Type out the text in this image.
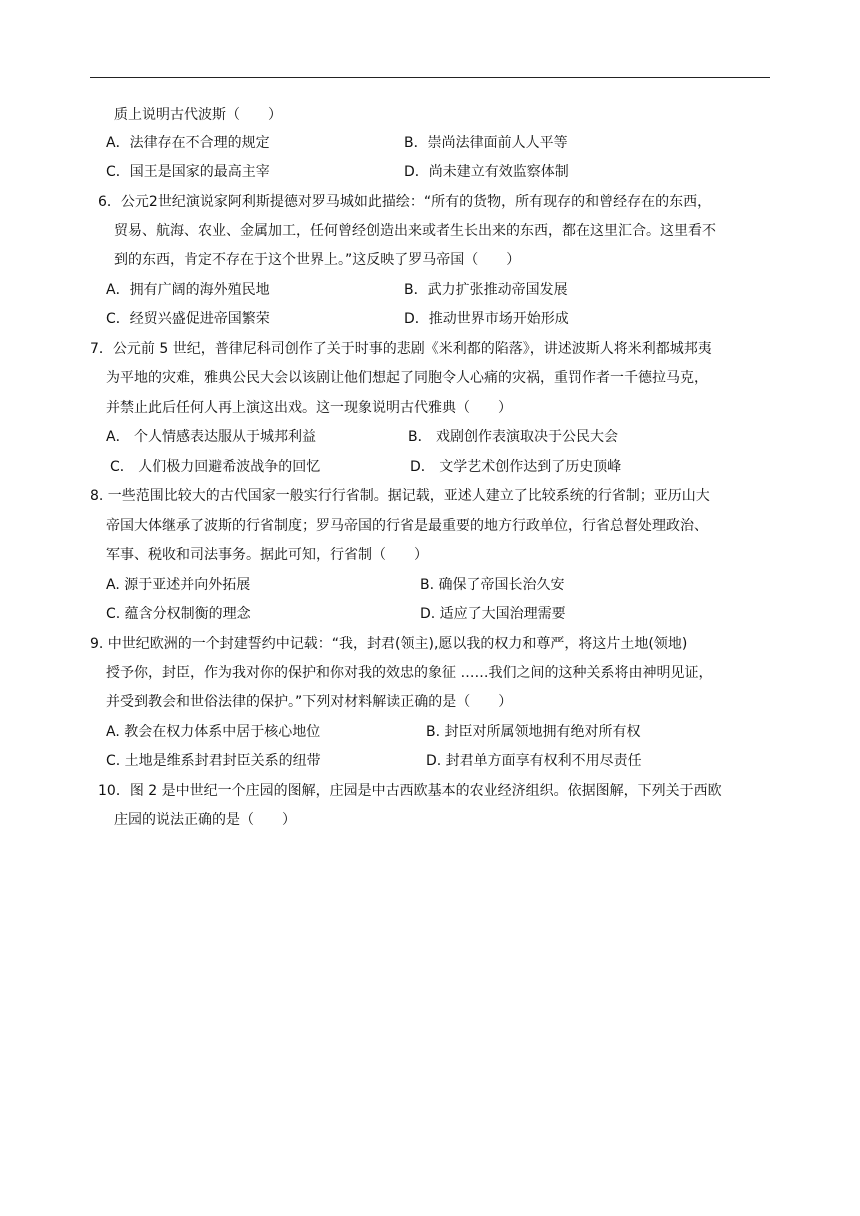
质上说明古代波斯（　　）
A．法律存在不合理的规定	B．崇尚法律面前人人平等
C．国王是国家的最高主宰	D．尚未建立有效监察体制
6．公元2世纪演说家阿利斯提德对罗马城如此描绘：“所有的货物，所有现存的和曾经存在的东西，
贸易、航海、农业、金属加工，任何曾经创造出来或者生长出来的东西，都在这里汇合。这里看不
到的东西，肯定不存在于这个世界上。”这反映了罗马帝国（　　）
A．拥有广阔的海外殖民地	B．武力扩张推动帝国发展
C．经贸兴盛促进帝国繁荣	D．推动世界市场开始形成
7．公元前 5 世纪，普律尼科司创作了关于时事的悲剧《米利都的陷落》，讲述波斯人将米利都城邦夷
为平地的灾难，雅典公民大会以该剧让他们想起了同胞令人心痛的灾祸，重罚作者一千德拉马克，
并禁止此后任何人再上演这出戏。这一现象说明古代雅典（　　）
A． 个人情感表达服从于城邦利益	B． 戏剧创作表演取决于公民大会
C． 人们极力回避希波战争的回忆	D． 文学艺术创作达到了历史顶峰
8. 一些范围比较大的古代国家一般实行行省制。据记载，亚述人建立了比较系统的行省制；亚历山大
帝国大体继承了波斯的行省制度；罗马帝国的行省是最重要的地方行政单位，行省总督处理政治、
军事、税收和司法事务。据此可知，行省制（　　）
A. 源于亚述并向外拓展	B. 确保了帝国长治久安
C. 蕴含分权制衡的理念	D. 适应了大国治理需要
9. 中世纪欧洲的一个封建誓约中记载：“我，封君(领主),愿以我的权力和尊严，将这片土地(领地)
授予你，封臣，作为我对你的保护和你对我的效忠的象征 ……我们之间的这种关系将由神明见证，
并受到教会和世俗法律的保护。”下列对材料解读正确的是（　　）
A. 教会在权力体系中居于核心地位	B. 封臣对所属领地拥有绝对所有权
C. 土地是维系封君封臣关系的纽带	D. 封君单方面享有权利不用尽责任
10．图 2 是中世纪一个庄园的图解，庄园是中古西欧基本的农业经济组织。依据图解，下列关于西欧
庄园的说法正确的是（　　）
